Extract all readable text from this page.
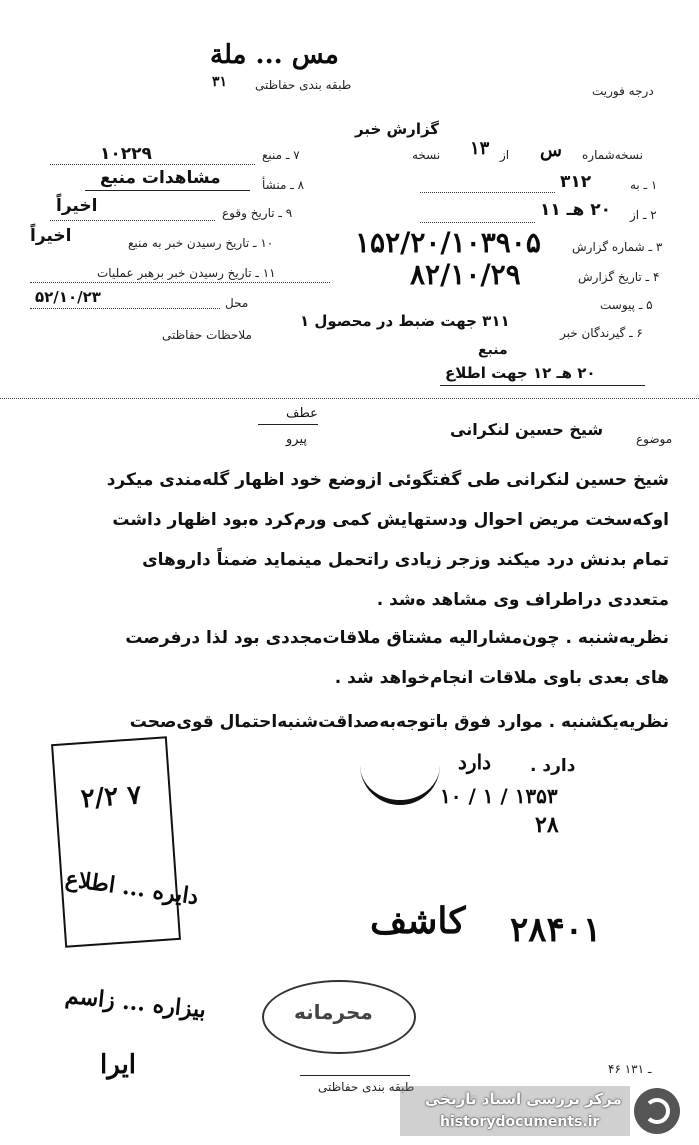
مس ... ملة
طبقه بندی حفاظتی
٣١
درجه فوریت
گزارش خبر
نسخه‌شماره
س
از
۱۳
نسخه
۱ ـ به
۳۱۲
۲ ـ از
۲۰ هـ ۱۱
۳ ـ شماره گزارش
۱۵۲/۲۰/۱۰۳۹۰۵
۴ ـ تاریخ گزارش
۸۲/۱۰/۲۹
۵ ـ پیوست
۶ ـ گیرندگان خبر
۳۱۱ جهت ضبط در محصول ۱
منبع
۲۰ هـ ۱۲ جهت اطلاع
۷ ـ منبع
۱۰۲۲۹
۸ ـ منشأ
مشاهدات منبع
۹ ـ تاریخ وقوع
اخیراً
۱۰ ـ تاریخ رسیدن خبر به منبع
اخیراً
۱۱ ـ تاریخ رسیدن خبر برهبر عملیات
محل
۵۲/۱۰/۲۳
ملاحظات حفاظتی
عطف
پیرو	موضوع
شیخ حسین لنکرانی
شیخ حسین لنکرانی طی گفتگوئی ازوضع خود اظهار گله‌مندی میکرد
اوکه‌سخت مریض احوال ودستهایش کمی ورم‌کرد ه‌بود اظهار داشت
تمام بدنش درد میکند وزجر زیادی راتحمل مینماید ضمناً داروهای
متعددی دراطراف وی مشاهد ه‌شد .
نظریه‌شنبه . چون‌مشارالیه مشتاق ملاقات‌مجددی بود لذا درفرصت
های بعدی باوی ملاقات انجام‌خواهد شد .
نظریه‌یکشنبه . موارد فوق باتوجه‌به‌صداقت‌شنبه‌احتمال قوی‌صحت
دارد .
دارد
۱۰ / ۱ / ۱۳۵۳
۲۸
۲۸۴۰۱
کاشف
۲/۲ ۷
دایره ... اطلاع
بیزاره ... زاسم
ایرا
محرمانه
۴۶ ـ ۱۳۱
طبقه بندی حفاظتی
مرکز بررسی اسناد تاریخی
historydocuments.ir
